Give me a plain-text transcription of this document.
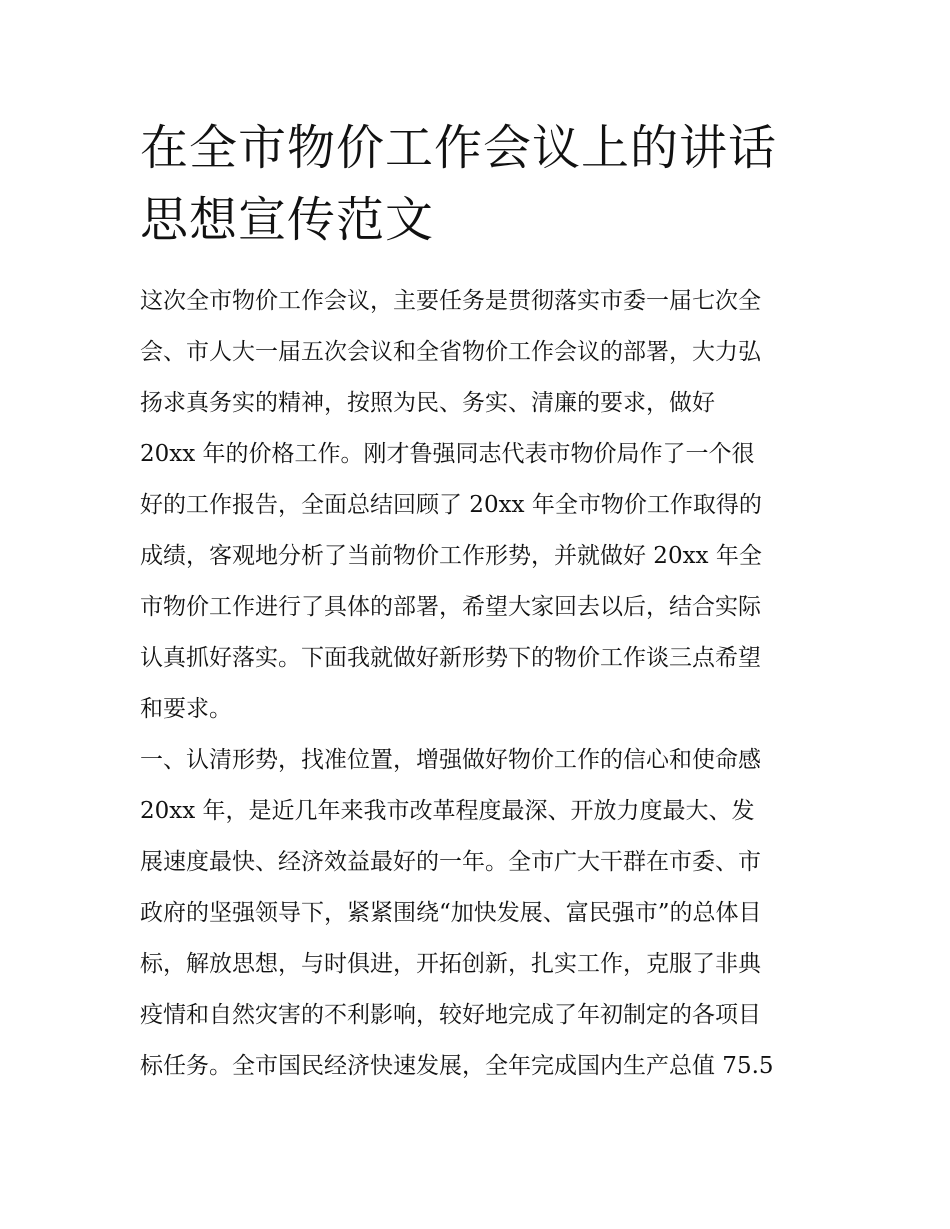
在全市物价工作会议上的讲话
思想宣传范文
这次全市物价工作会议，主要任务是贯彻落实市委一届七次全
会、市人大一届五次会议和全省物价工作会议的部署，大力弘
扬求真务实的精神，按照为民、务实、清廉的要求，做好
20xx 年的价格工作。刚才鲁强同志代表市物价局作了一个很
好的工作报告，全面总结回顾了 20xx 年全市物价工作取得的
成绩，客观地分析了当前物价工作形势，并就做好 20xx 年全
市物价工作进行了具体的部署，希望大家回去以后，结合实际
认真抓好落实。下面我就做好新形势下的物价工作谈三点希望
和要求。
一、认清形势，找准位置，增强做好物价工作的信心和使命感
20xx 年，是近几年来我市改革程度最深、开放力度最大、发
展速度最快、经济效益最好的一年。全市广大干群在市委、市
政府的坚强领导下，紧紧围绕“加快发展、富民强市”的总体目
标，解放思想，与时俱进，开拓创新，扎实工作，克服了非典
疫情和自然灾害的不利影响，较好地完成了年初制定的各项目
标任务。全市国民经济快速发展，全年完成国内生产总值 75.5
